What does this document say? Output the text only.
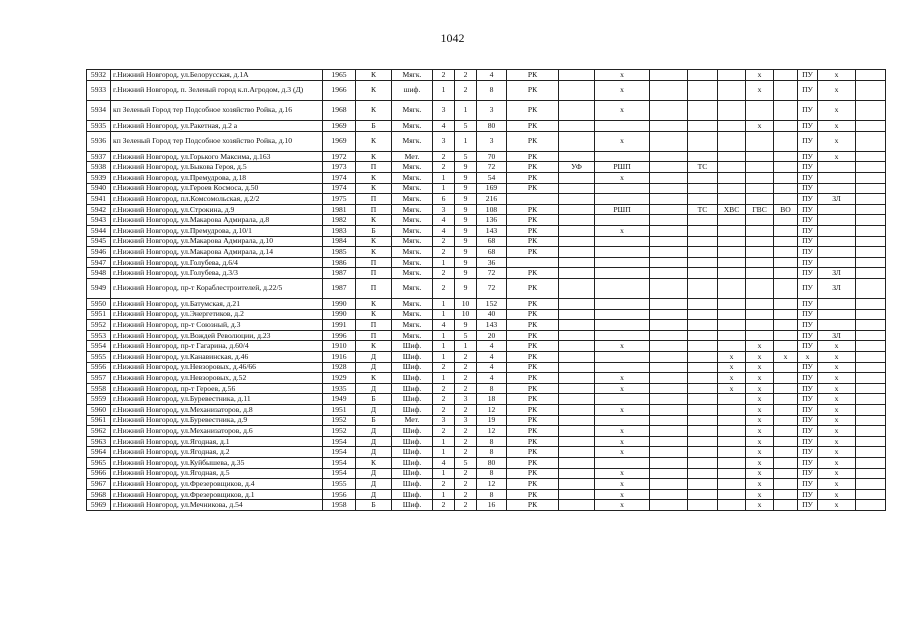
1042
5932	г.Нижний Новгород, ул.Белорусская, д.1А	1965	К	Мягк.	2	2	4	РК		х				х		ПУ	х	
5933	г.Нижний Новгород, п. Зеленый город к.п.Агродом, д.3 (Д)	1966	К	шиф.	1	2	8	РК		х				х		ПУ	х	
5934	кп Зеленый Город тер Подсобное хозяйство Ройка, д.16	1968	К	Мягк.	3	1	3	РК		х						ПУ	х	
5935	г.Нижний Новгород, ул.Ракетная, д.2 а	1969	Б	Мягк.	4	5	80	РК						х		ПУ	х	
5936	кп Зеленый Город тер Подсобное хозяйство Ройка, д.10	1969	К	Мягк.	3	1	3	РК		х						ПУ	х	
5937	г.Нижний Новгород, ул.Горького Максима, д.163	1972	К	Мет.	2	5	70	РК								ПУ	х	
5938	г.Нижний Новгород, ул.Быкова Героя, д.5	1973	П	Мягк.	2	9	72	РК	УФ	РШП		ТС				ПУ		
5939	г.Нижний Новгород, ул.Премудрова, д.18	1974	К	Мягк.	1	9	54	РК		х						ПУ		
5940	г.Нижний Новгород, ул.Героев Космоса, д.50	1974	К	Мягк.	1	9	169	РК								ПУ		
5941	г.Нижний Новгород, пл.Комсомольская, д.2/2	1975	П	Мягк.	6	9	216									ПУ	ЗЛ	
5942	г.Нижний Новгород, ул.Строкина, д.9	1981	П	Мягк.	3	9	108	РК		РШП		ТС	ХВС	ГВС	ВО	ПУ		
5943	г.Нижний Новгород, ул.Макарова Адмирала, д.8	1982	К	Мягк.	4	9	136	РК								ПУ		
5944	г.Нижний Новгород, ул.Премудрова, д.10/1	1983	Б	Мягк.	4	9	143	РК		х						ПУ		
5945	г.Нижний Новгород, ул.Макарова Адмирала, д.10	1984	К	Мягк.	2	9	68	РК								ПУ		
5946	г.Нижний Новгород, ул.Макарова Адмирала, д.14	1985	К	Мягк.	2	9	68	РК								ПУ		
5947	г.Нижний Новгород, ул.Голубева, д.6/4	1986	П	Мягк.	1	9	36									ПУ		
5948	г.Нижний Новгород, ул.Голубева, д.3/3	1987	П	Мягк.	2	9	72	РК								ПУ	ЗЛ	
5949	г.Нижний Новгород, пр-т Кораблестроителей, д.22/5	1987	П	Мягк.	2	9	72	РК								ПУ	ЗЛ	
5950	г.Нижний Новгород, ул.Батумская, д.21	1990	К	Мягк.	1	10	152	РК								ПУ		
5951	г.Нижний Новгород, ул.Энергетиков, д.2	1990	К	Мягк.	1	10	40	РК								ПУ		
5952	г.Нижний Новгород, пр-т Союзный, д.3	1991	П	Мягк.	4	9	143	РК								ПУ		
5953	г.Нижний Новгород, ул.Вождей Революции, д.23	1996	П	Мягк.	1	5	20	РК								ПУ	ЗЛ	
5954	г.Нижний Новгород, пр-т Гагарина, д.60/4	1910	К	Шиф.	1	1	4	РК		х				х		ПУ	х	
5955	г.Нижний Новгород, ул.Канавинская, д.46	1916	Д	Шиф.	1	2	4	РК					х	х	х	х	х	
5956	г.Нижний Новгород, ул.Невзоровых, д.46/66	1928	Д	Шиф.	2	2	4	РК					х	х		ПУ	х	
5957	г.Нижний Новгород, ул.Невзоровых, д.52	1929	К	Шиф.	1	2	4	РК		х			х	х		ПУ	х	
5958	г.Нижний Новгород, пр-т Героев, д.56	1935	Д	Шиф.	2	2	8	РК		х			х	х		ПУ	х	
5959	г.Нижний Новгород, ул.Буревестника, д.11	1949	Б	Шиф.	2	3	18	РК						х		ПУ	х	
5960	г.Нижний Новгород, ул.Механизаторов, д.8	1951	Д	Шиф.	2	2	12	РК		х				х		ПУ	х	
5961	г.Нижний Новгород, ул.Буревестника, д.9	1952	Б	Мет.	3	3	19	РК						х		ПУ	х	
5962	г.Нижний Новгород, ул.Механизаторов, д.6	1952	Д	Шиф.	2	2	12	РК		х				х		ПУ	х	
5963	г.Нижний Новгород, ул.Ягодная, д.1	1954	Д	Шиф.	1	2	8	РК		х				х		ПУ	х	
5964	г.Нижний Новгород, ул.Ягодная, д.2	1954	Д	Шиф.	1	2	8	РК		х				х		ПУ	х	
5965	г.Нижний Новгород, ул.Куйбышева, д.35	1954	К	Шиф.	4	5	80	РК						х		ПУ	х	
5966	г.Нижний Новгород, ул.Ягодная, д.5	1954	Д	Шиф.	1	2	8	РК		х				х		ПУ	х	
5967	г.Нижний Новгород, ул.Фрезеровщиков, д.4	1955	Д	Шиф.	2	2	12	РК		х				х		ПУ	х	
5968	г.Нижний Новгород, ул.Фрезеровщиков, д.1	1956	Д	Шиф.	1	2	8	РК		х				х		ПУ	х	
5969	г.Нижний Новгород, ул.Мечникова, д.54	1958	Б	Шиф.	2	2	16	РК		х				х		ПУ	х	
